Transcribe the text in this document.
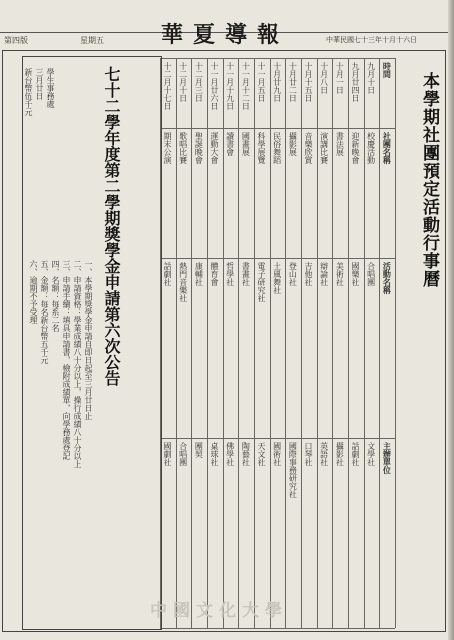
第四版	星期五	中華民國七十三年十月十六日
華夏導報
本學期社團預定活動行事曆
時間
社團名稱
活動名稱
主辦單位
九月十日
校慶活動
合唱團
文學社
九月廿四日
迎新晚會
國樂社
話劇社
十月一日
書法展
美術社
攝影社
十月八日
演講比賽
辯論社
英語社
十月十五日
音樂欣賞
吉他社
口琴社
十月廿二日
攝影展
登山社
國際事務研究社
十月廿九日
民俗舞蹈
土風舞社
國術社
十一月五日
科學展覽
電子研究社
天文社
十一月十二日
國畫展
書畫社
陶藝社
十一月十九日
讀書會
哲學社
佛學社
十一月廿六日
運動大會
體育會
桌球社
十二月三日
聖誕晚會
康輔社
團契
十二月十日
歌唱比賽
熱門音樂社
合唱團
十二月十七日
期末公演
話劇社
國劇社
七十二學年度第二學期獎學金申請第六次公告
一、本學期獎學金申請自即日起至三月廿日止
二、申請資格：學業成績八十分以上，操行成績八十分以上
三、申請手續：填具申請書，檢附成績單，向學務處登記
四、名額：每系二名
五、金額：每名新台幣五千元
六、逾期不予受理
學生事務處
三月廿日
新台幣伍千元
中國文化大學
